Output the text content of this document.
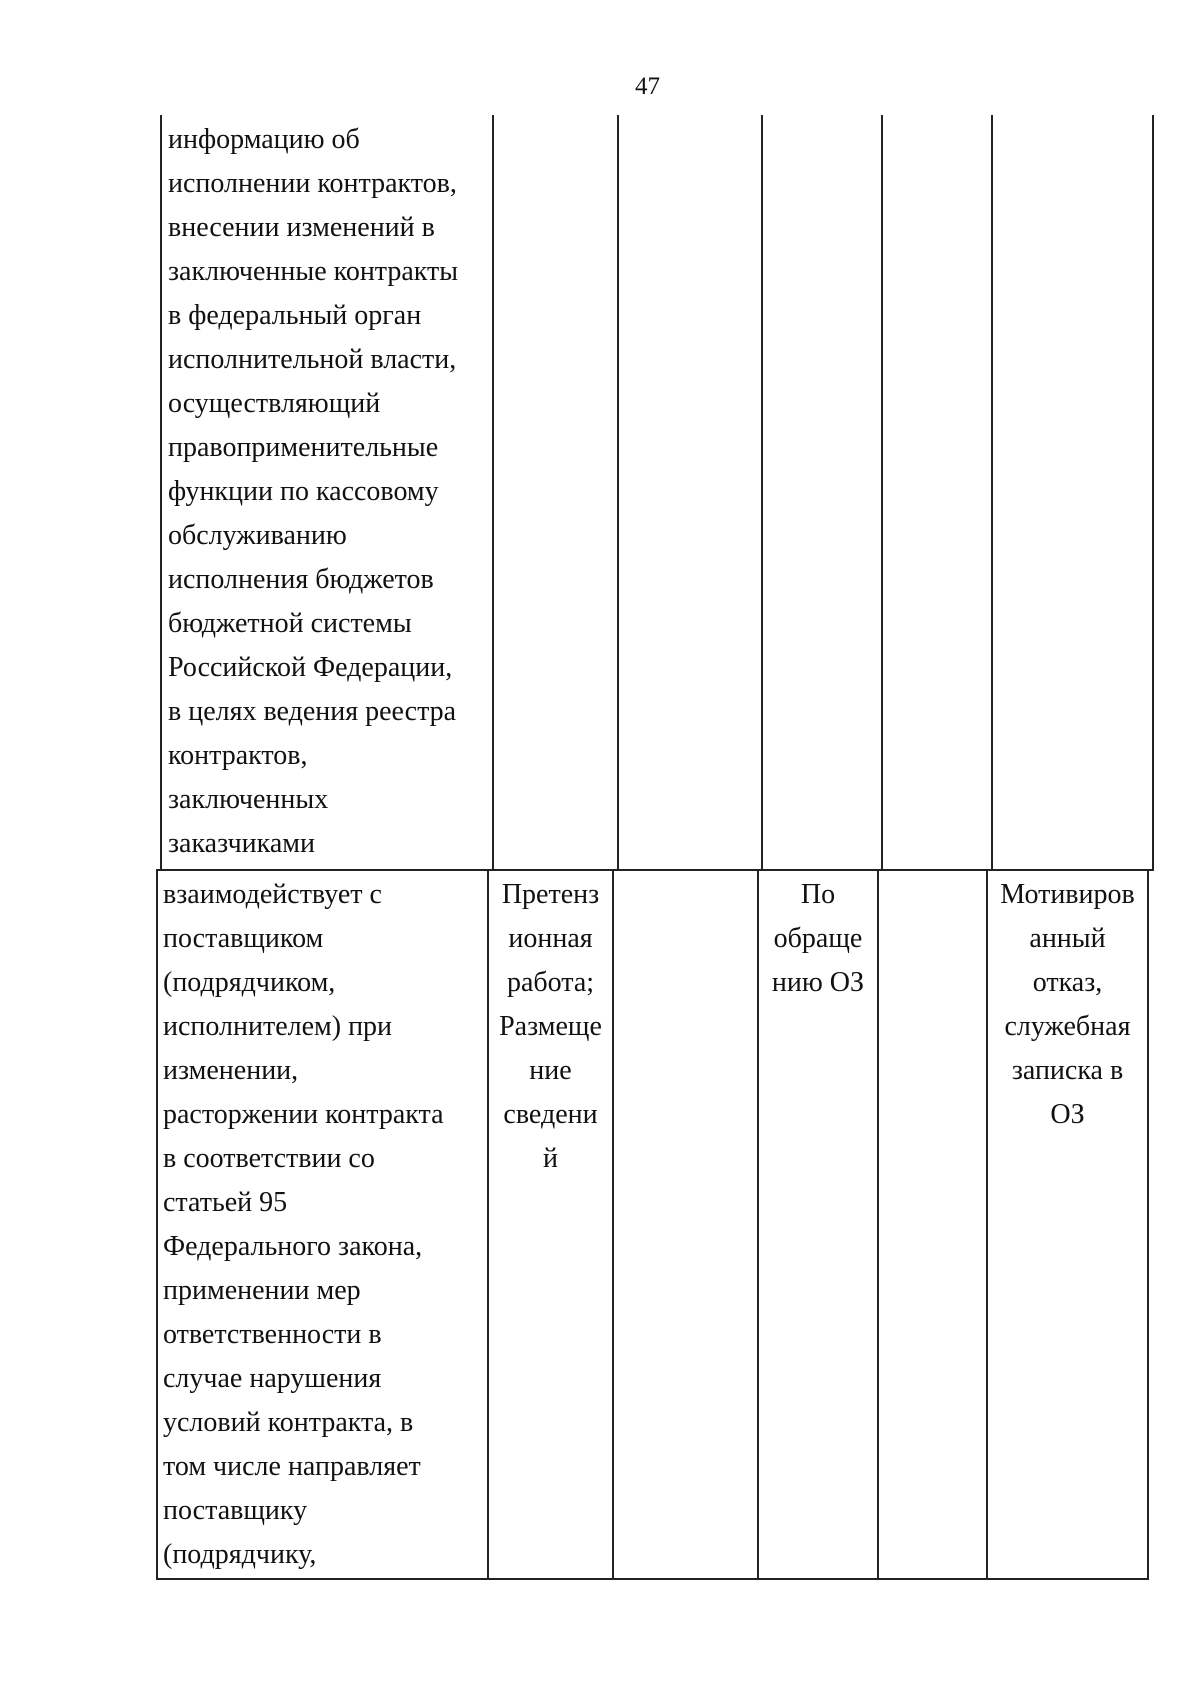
47

информацию об
исполнении контрактов,
внесении изменений в
заключенные контракты
в федеральный орган
исполнительной власти,
осуществляющий
правоприменительные
функции по кассовому
обслуживанию
исполнения бюджетов
бюджетной системы
Российской Федерации,
в целях ведения реестра
контрактов,
заключенных
заказчиками

взаимодействует с
поставщиком
(подрядчиком,
исполнителем) при
изменении,
расторжении контракта
в соответствии со
статьей 95
Федерального закона,
применении мер
ответственности в
случае нарушения
условий контракта, в
том числе направляет
поставщику
(подрядчику,

Претенз
ионная
работа;
Размеще
ние
сведени
й

По
обраще
нию ОЗ

Мотивиров
анный
отказ,
служебная
записка в
ОЗ
